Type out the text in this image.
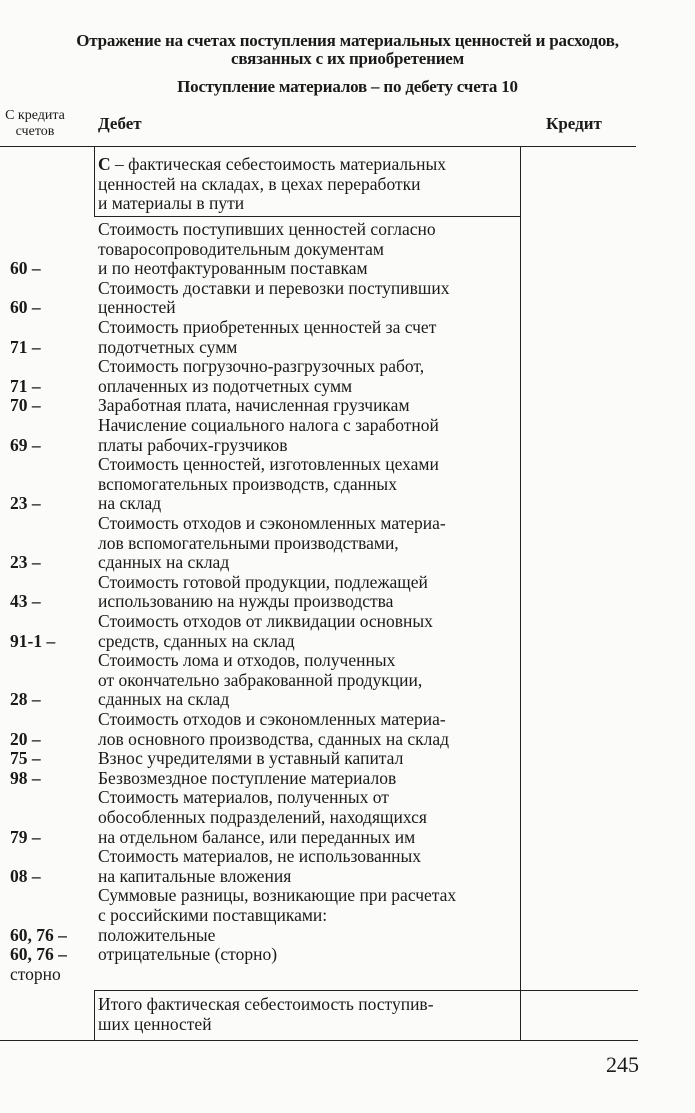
Отражение на счетах поступления материальных ценностей и расходов,
связанных с их приобретением
Поступление материалов – по дебету счета 10
С кредита счетов	Дебет	Кредит
С – фактическая себестоимость материальных
ценностей на складах, в цехах переработки
и материалы в пути
Стоимость поступивших ценностей согласно
товаросопроводительным документам
и по неотфактурованным поставкам
60 –
Стоимость доставки и перевозки поступивших
ценностей
60 –
Стоимость приобретенных ценностей за счет
подотчетных сумм
71 –
Стоимость погрузочно-разгрузочных работ,
оплаченных из подотчетных сумм
71 –
Заработная плата, начисленная грузчикам
70 –
Начисление социального налога с заработной
платы рабочих-грузчиков
69 –
Стоимость ценностей, изготовленных цехами
вспомогательных производств, сданных
на склад
23 –
Стоимость отходов и сэкономленных материа-
лов вспомогательными производствами,
сданных на склад
23 –
Стоимость готовой продукции, подлежащей
использованию на нужды производства
43 –
Стоимость отходов от ликвидации основных
средств, сданных на склад
91-1 –
Стоимость лома и отходов, полученных
от окончательно забракованной продукции,
сданных на склад
28 –
Стоимость отходов и сэкономленных материа-
лов основного производства, сданных на склад
20 –
Взнос учредителями в уставный капитал
75 –
Безвозмездное поступление материалов
98 –
Стоимость материалов, полученных от
обособленных подразделений, находящихся
на отдельном балансе, или переданных им
79 –
Стоимость материалов, не использованных
на капитальные вложения
08 –
Суммовые разницы, возникающие при расчетах
с российскими поставщиками:
положительные
60, 76 –
отрицательные (сторно)
60, 76 –
сторно
Итого фактическая себестоимость поступив-
ших ценностей
245
